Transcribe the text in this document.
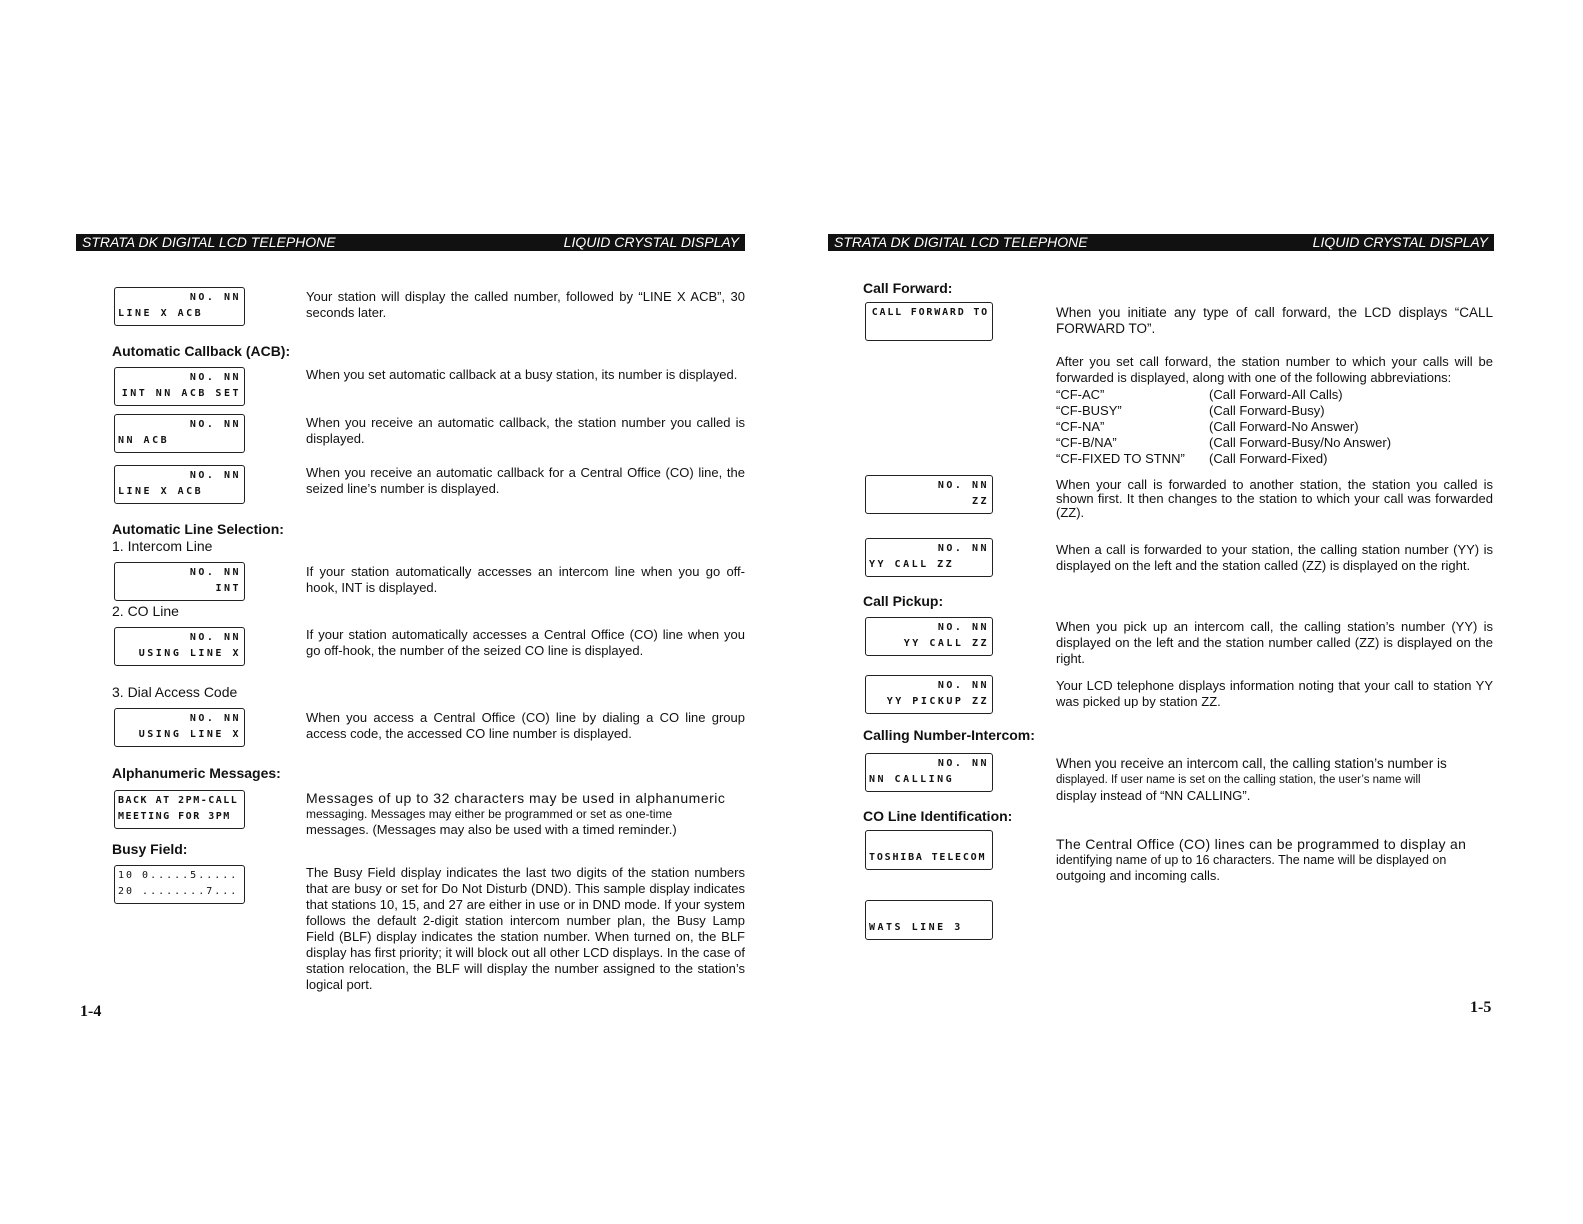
STRATA DK DIGITAL LCD TELEPHONE	LIQUID CRYSTAL DISPLAY
NO. NN
LINE X ACB
Your station will display the called number, followed by “LINE X ACB”, 30 seconds later.
Automatic Callback (ACB):
NO. NN
INT NN ACB SET
When you set automatic callback at a busy station, its number is displayed.
NO. NN
NN ACB
When you receive an automatic callback, the station number you called is displayed.
NO. NN
LINE X ACB
When you receive an automatic callback for a Central Office (CO) line, the seized line’s number is displayed.
Automatic Line Selection:
1. Intercom Line
NO. NN
INT
If your station automatically accesses an intercom line when you go off-hook, INT is displayed.
2. CO Line
NO. NN
USING LINE X
If your station automatically accesses a Central Office (CO) line when you go off-hook, the number of the seized CO line is displayed.
3. Dial Access Code
NO. NN
USING LINE X
When you access a Central Office (CO) line by dialing a CO line group access code, the accessed CO line number is displayed.
Alphanumeric Messages:
BACK AT 2PM-CALL
MEETING FOR 3PM
Messages of up to 32 characters may be used in alphanumeric
messaging. Messages may either be programmed or set as one-time
messages. (Messages may also be used with a timed reminder.)
Busy Field:
10 0.....5.....
20 ........7...
The Busy Field display indicates the last two digits of the station numbers that are busy or set for Do Not Disturb (DND). This sample display indicates that stations 10, 15, and 27 are either in use or in DND mode. If your system follows the default 2-digit station intercom number plan, the Busy Lamp Field (BLF) display indicates the station number. When turned on, the BLF display has first priority; it will block out all other LCD displays. In the case of station relocation, the BLF will display the number assigned to the station’s logical port.
1-4
STRATA DK DIGITAL LCD TELEPHONE	LIQUID CRYSTAL DISPLAY
Call Forward:
CALL FORWARD TO	When you initiate any type of call forward, the LCD displays “CALL FORWARD TO”.
After you set call forward, the station number to which your calls will be forwarded is displayed, along with one of the following abbreviations:
“CF-AC”	(Call Forward-All Calls)
“CF-BUSY”	(Call Forward-Busy)
“CF-NA”	(Call Forward-No Answer)
“CF-B/NA”	(Call Forward-Busy/No Answer)
“CF-FIXED TO STNN”	(Call Forward-Fixed)
NO. NN
ZZ
When your call is forwarded to another station, the station you called is shown first. It then changes to the station to which your call was forwarded (ZZ).
NO. NN
YY CALL ZZ
When a call is forwarded to your station, the calling station number (YY) is displayed on the left and the station called (ZZ) is displayed on the right.
Call Pickup:
NO. NN
YY CALL ZZ
When you pick up an intercom call, the calling station’s number (YY) is displayed on the left and the station number called (ZZ) is displayed on the right.
NO. NN
YY PICKUP ZZ
Your LCD telephone displays information noting that your call to station YY was picked up by station ZZ.
Calling Number-Intercom:
NO. NN
NN CALLING
When you receive an intercom call, the calling station’s number is
displayed. If user name is set on the calling station, the user’s name will
display instead of “NN CALLING”.
CO Line Identification:
TOSHIBA TELECOM
The Central Office (CO) lines can be programmed to display an
identifying name of up to 16 characters. The name will be displayed on
outgoing and incoming calls.
WATS LINE 3
1-5
